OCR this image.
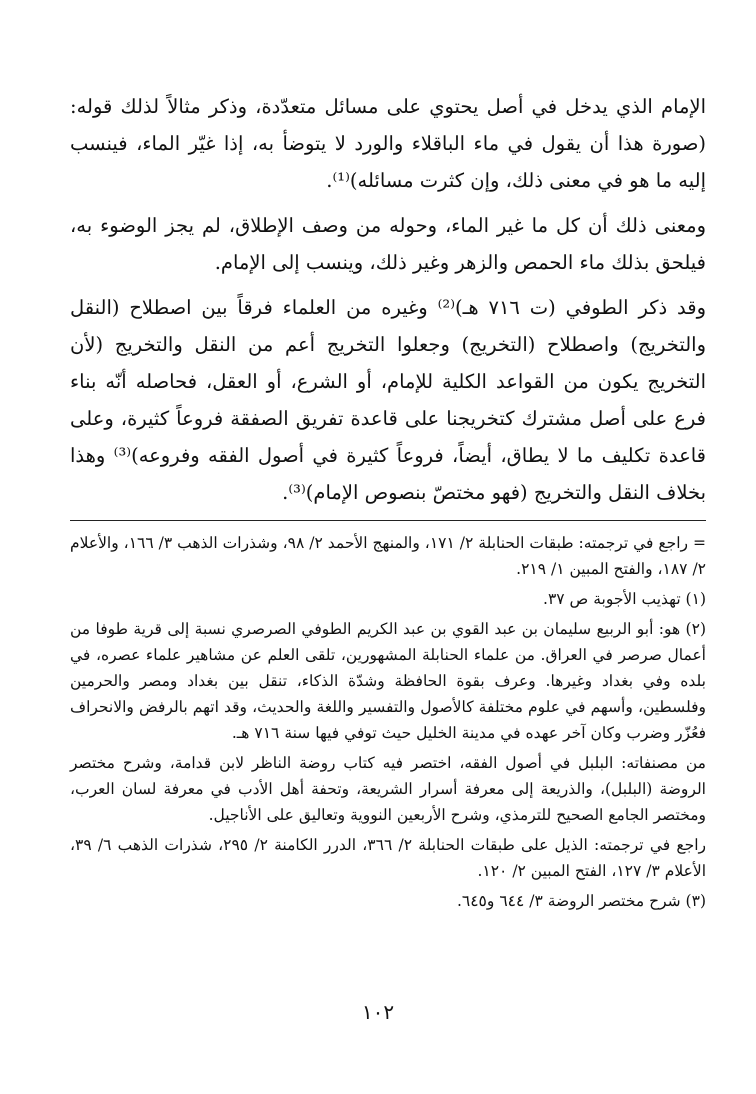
الإمام الذي يدخل في أصل يحتوي على مسائل متعدّدة، وذكر مثالاً لذلك قوله: (صورة هذا أن يقول في ماء الباقلاء والورد لا يتوضأ به، إذا غيّر الماء، فينسب إليه ما هو في معنى ذلك، وإن كثرت مسائله)⁽¹⁾.

ومعنى ذلك أن كل ما غير الماء، وحوله من وصف الإطلاق، لم يجز الوضوء به، فيلحق بذلك ماء الحمص والزهر وغير ذلك، وينسب إلى الإمام.

وقد ذكر الطوفي (ت ٧١٦ هـ)⁽²⁾ وغيره من العلماء فرقاً بين اصطلاح (النقل والتخريج) واصطلاح (التخريج) وجعلوا التخريج أعم من النقل والتخريج (لأن التخريج يكون من القواعد الكلية للإمام، أو الشرع، أو العقل، فحاصله أنّه بناء فرع على أصل مشترك كتخريجنا على قاعدة تفريق الصفقة فروعاً كثيرة، وعلى قاعدة تكليف ما لا يطاق، أيضاً، فروعاً كثيرة في أصول الفقه وفروعه)⁽³⁾ وهذا بخلاف النقل والتخريج (فهو مختصّ بنصوص الإمام)⁽³⁾.

= راجع في ترجمته: طبقات الحنابلة ٢/ ١٧١، والمنهج الأحمد ٢/ ٩٨، وشذرات الذهب ٣/ ١٦٦، والأعلام ٢/ ١٨٧، والفتح المبين ١/ ٢١٩.

(١) تهذيب الأجوبة ص ٣٧.

(٢) هو: أبو الربيع سليمان بن عبد القوي بن عبد الكريم الطوفي الصرصري نسبة إلى قرية طوفا من أعمال صرصر في العراق. من علماء الحنابلة المشهورين، تلقى العلم عن مشاهير علماء عصره، في بلده وفي بغداد وغيرها. وعرف بقوة الحافظة وشدّة الذكاء، تنقل بين بغداد ومصر والحرمين وفلسطين، وأسهم في علوم مختلفة كالأصول والتفسير واللغة والحديث، وقد اتهم بالرفض والانحراف فعُزّر وضرب وكان آخر عهده في مدينة الخليل حيث توفي فيها سنة ٧١٦ هـ.

من مصنفاته: البلبل في أصول الفقه، اختصر فيه كتاب روضة الناظر لابن قدامة، وشرح مختصر الروضة (البلبل)، والذريعة إلى معرفة أسرار الشريعة، وتحفة أهل الأدب في معرفة لسان العرب، ومختصر الجامع الصحيح للترمذي، وشرح الأربعين النووية وتعاليق على الأناجيل.

راجع في ترجمته: الذيل على طبقات الحنابلة ٢/ ٣٦٦، الدرر الكامنة ٢/ ٢٩٥، شذرات الذهب ٦/ ٣٩، الأعلام ٣/ ١٢٧، الفتح المبين ٢/ ١٢٠.

(٣) شرح مختصر الروضة ٣/ ٦٤٤ و٦٤٥.

١٠٢
